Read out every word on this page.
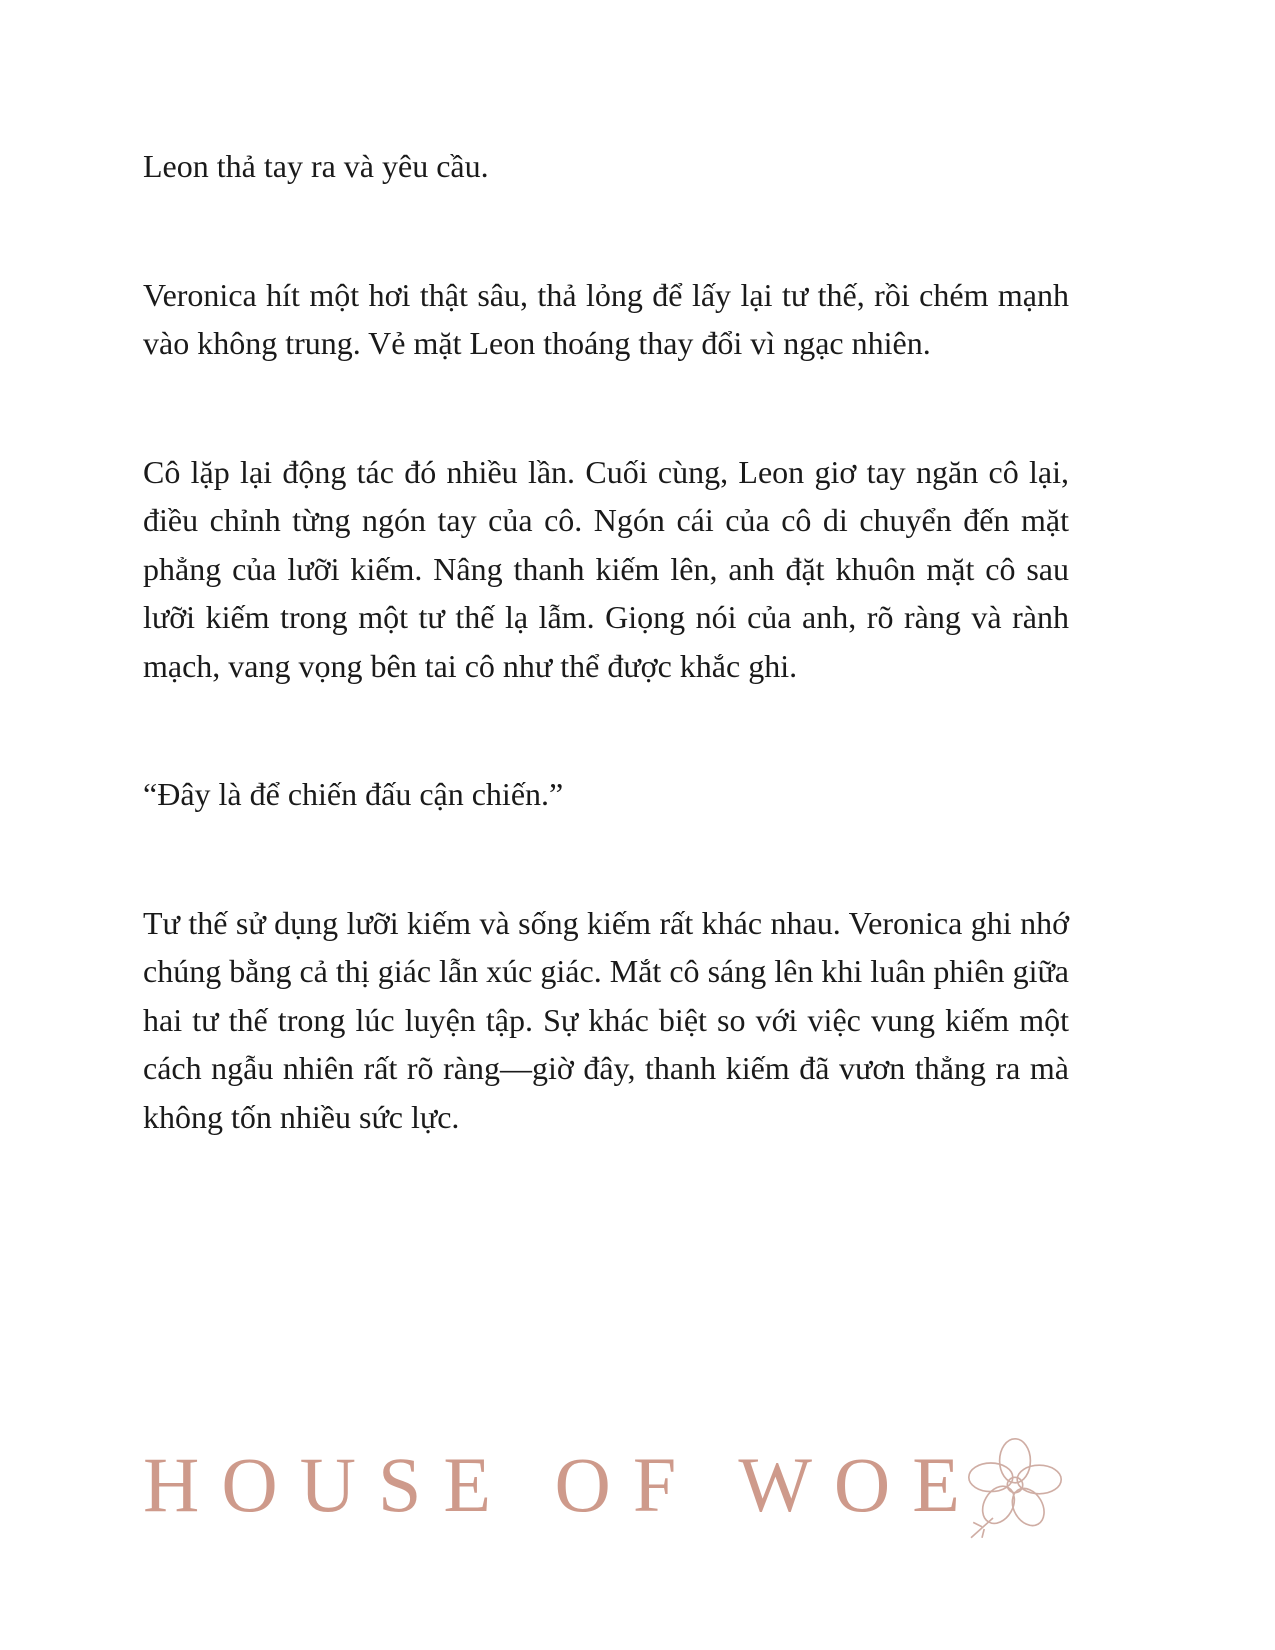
Leon thả tay ra và yêu cầu.

Veronica hít một hơi thật sâu, thả lỏng để lấy lại tư thế, rồi chém mạnh vào không trung. Vẻ mặt Leon thoáng thay đổi vì ngạc nhiên.

Cô lặp lại động tác đó nhiều lần. Cuối cùng, Leon giơ tay ngăn cô lại, điều chỉnh từng ngón tay của cô. Ngón cái của cô di chuyển đến mặt phẳng của lưỡi kiếm. Nâng thanh kiếm lên, anh đặt khuôn mặt cô sau lưỡi kiếm trong một tư thế lạ lẫm. Giọng nói của anh, rõ ràng và rành mạch, vang vọng bên tai cô như thể được khắc ghi.

“Đây là để chiến đấu cận chiến.”

Tư thế sử dụng lưỡi kiếm và sống kiếm rất khác nhau. Veronica ghi nhớ chúng bằng cả thị giác lẫn xúc giác. Mắt cô sáng lên khi luân phiên giữa hai tư thế trong lúc luyện tập. Sự khác biệt so với việc vung kiếm một cách ngẫu nhiên rất rõ ràng—giờ đây, thanh kiếm đã vươn thẳng ra mà không tốn nhiều sức lực.

HOUSE OF WOE
